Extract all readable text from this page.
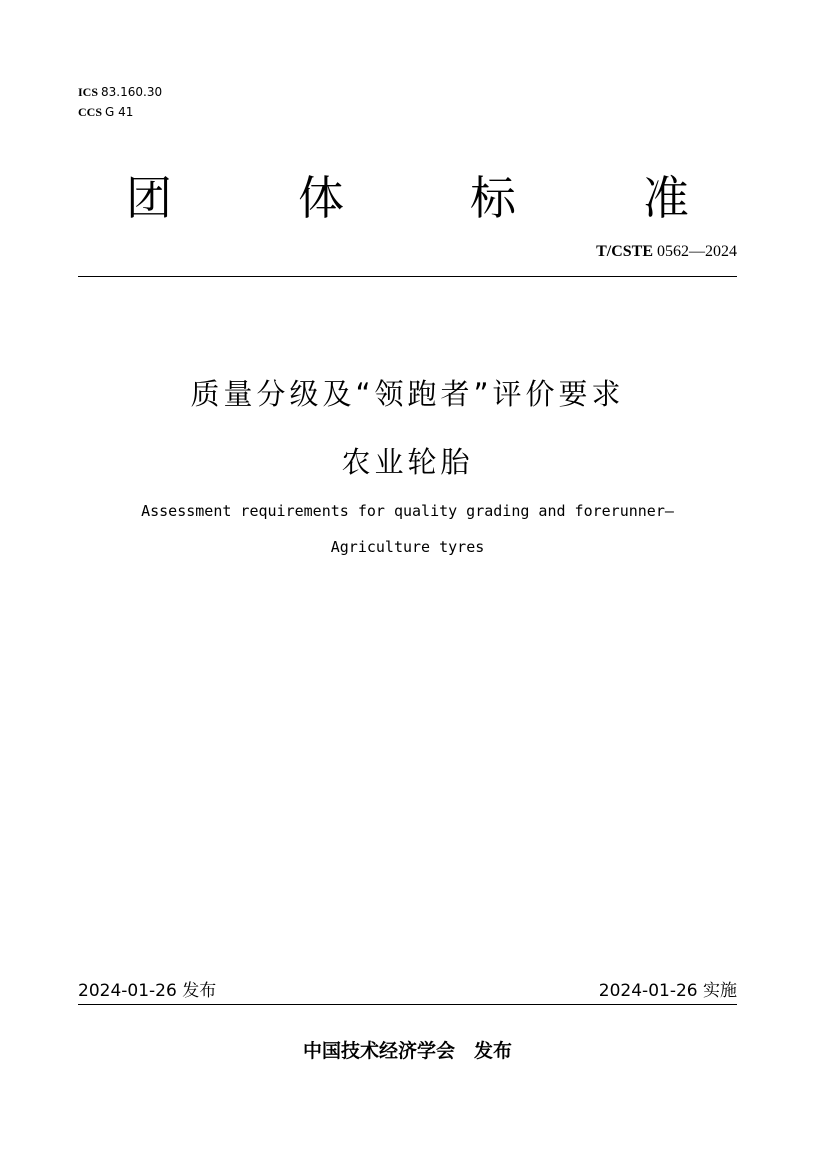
ICS 83.160.30
CCS G 41
团	体	标	准
T/CSTE 0562—2024
质量分级及“领跑者”评价要求
农业轮胎
Assessment requirements for quality grading and forerunner—
Agriculture tyres
2024-01-26 发布	2024-01-26 实施
中国技术经济学会　发布
